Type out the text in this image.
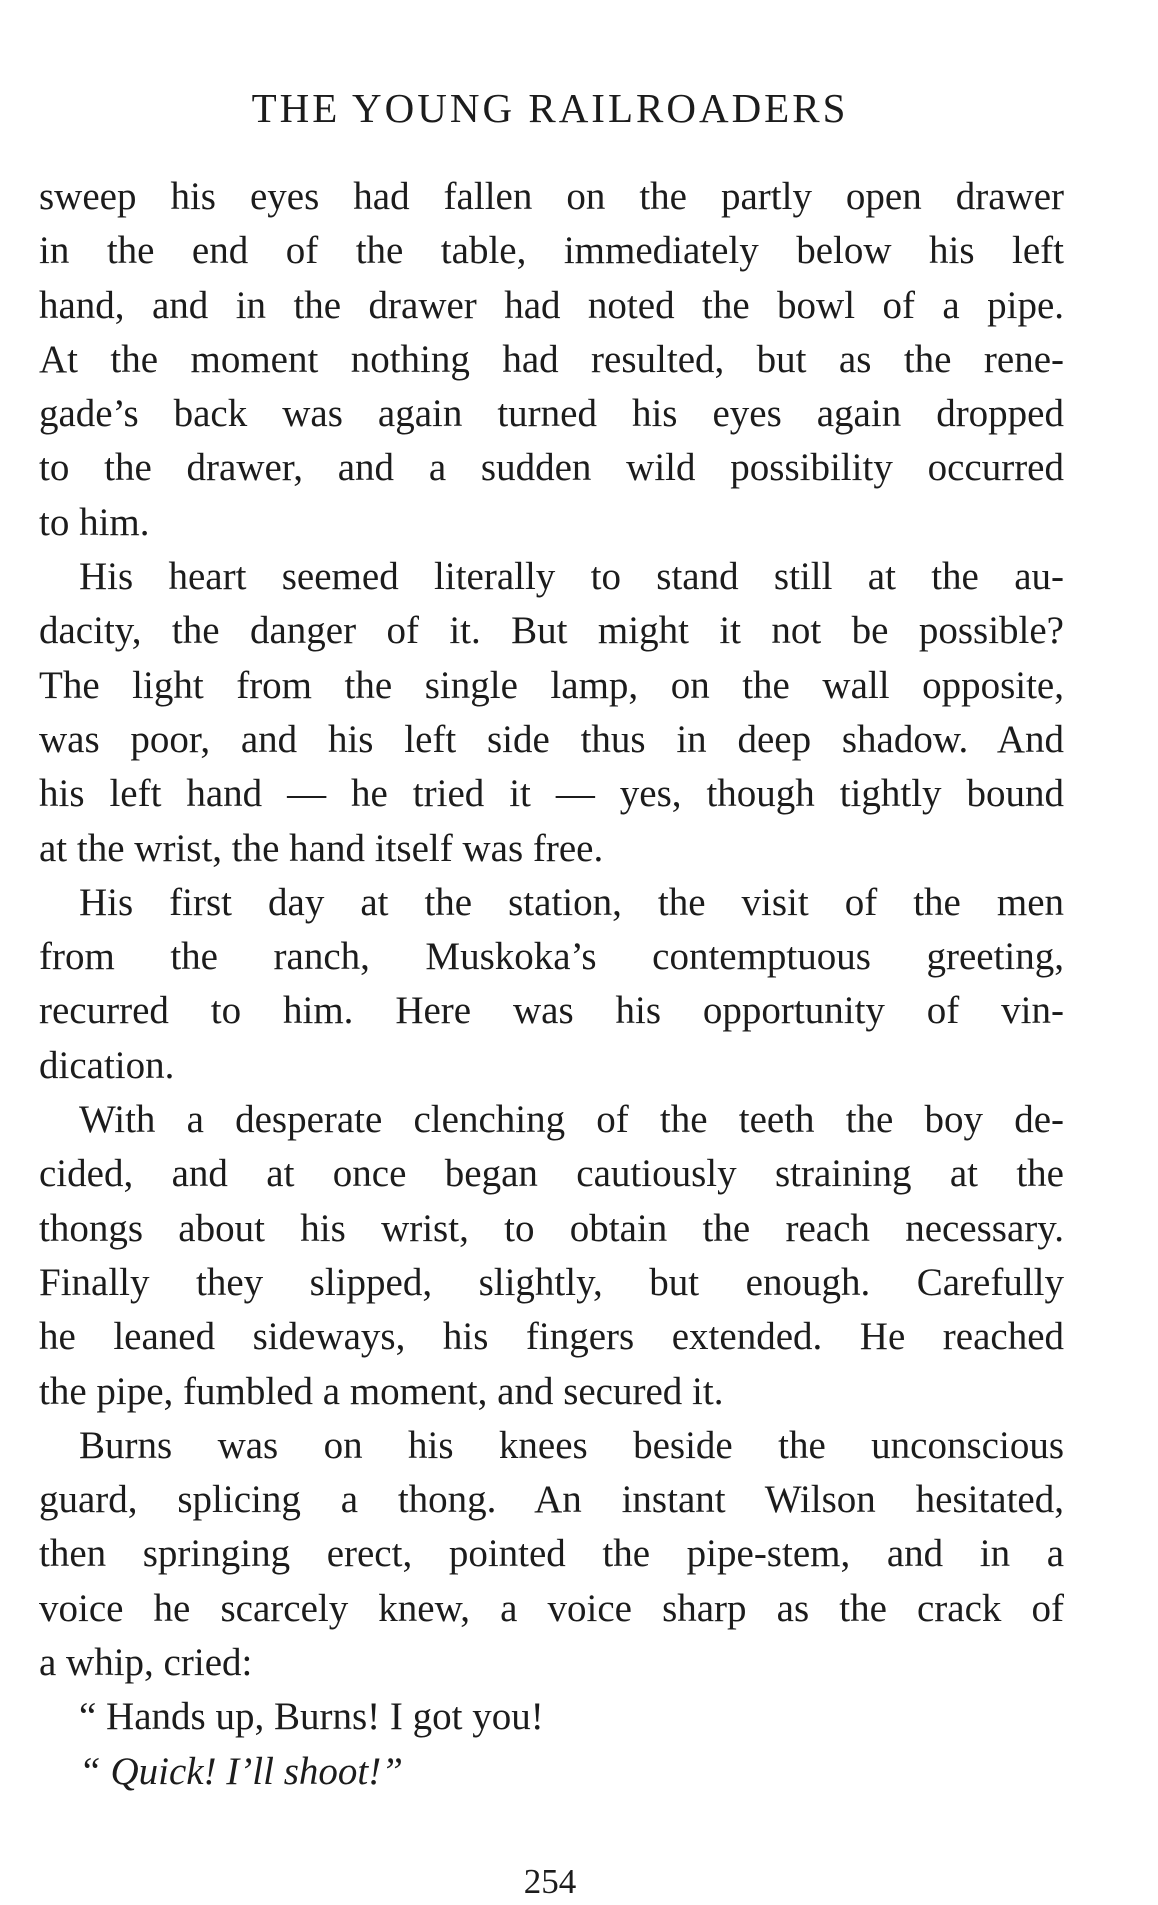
THE YOUNG RAILROADERS
sweep his eyes had fallen on the partly open drawer
in the end of the table, immediately below his left
hand, and in the drawer had noted the bowl of a pipe.
At the moment nothing had resulted, but as the rene-
gade’s back was again turned his eyes again dropped
to the drawer, and a sudden wild possibility occurred
to him.
His heart seemed literally to stand still at the au-
dacity, the danger of it. But might it not be possible?
The light from the single lamp, on the wall opposite,
was poor, and his left side thus in deep shadow. And
his left hand — he tried it — yes, though tightly bound
at the wrist, the hand itself was free.
His first day at the station, the visit of the men
from the ranch, Muskoka’s contemptuous greeting,
recurred to him. Here was his opportunity of vin-
dication.
With a desperate clenching of the teeth the boy de-
cided, and at once began cautiously straining at the
thongs about his wrist, to obtain the reach necessary.
Finally they slipped, slightly, but enough. Carefully
he leaned sideways, his fingers extended. He reached
the pipe, fumbled a moment, and secured it.
Burns was on his knees beside the unconscious
guard, splicing a thong. An instant Wilson hesitated,
then springing erect, pointed the pipe-stem, and in a
voice he scarcely knew, a voice sharp as the crack of
a whip, cried:
“ Hands up, Burns! I got you!
“ Quick! I’ll shoot!”
254
